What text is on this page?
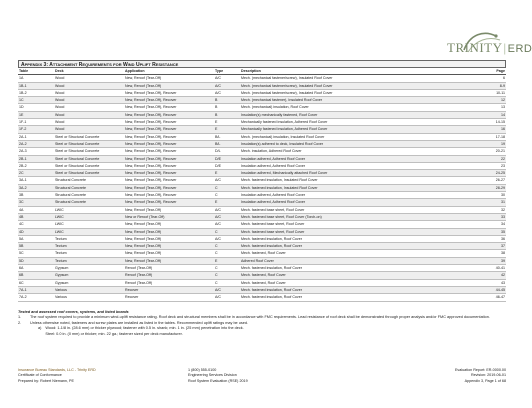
TRINITY|ERD
Appendix 3: Attachment Requirements for Wind Uplift Resistance
Table	Deck	Application	Type	Description	Page
1A	Wood	New, Reroof (Tear-Off)	A/C	Mech. (mechanical fastener/screw), Insulated Roof Cover	6
1B-1	Wood	New, Reroof (Tear-Off)	A/C	Mech. (mechanical fastener/screw), Insulated Roof Cover	8-9
1B-2	Wood	New, Reroof (Tear-Off), Recover	A/C	Mech. (mechanical fastener/screw), Insulated Roof Cover	10-11
1C	Wood	New, Reroof (Tear-Off), Recover	B	Mech. (mechanical fastener), Insulated Roof Cover	12
1D	Wood	New, Reroof (Tear-Off), Recover	B	Mech. (mechanical) insulation, Roof Cover	13
1E	Wood	New, Reroof (Tear-Off), Recover	B	Insulation(s) mechanically fastened, Roof Cover	14
1F-1	Wood	New, Reroof (Tear-Off), Recover	E	Mechanically fastened insulation, Adhered Roof Cover	14-15
1F-2	Wood	New, Reroof (Tear-Off), Recover	E	Mechanically fastened insulation, Adhered Roof Cover	16
2A-1	Steel or Structural Concrete	New, Reroof (Tear-Off), Recover	B/L	Mech. (mechanical) insulation, Insulated Roof Cover	17-18
2A-2	Steel or Structural Concrete	New, Reroof (Tear-Off), Recover	B/L	Insulation(s) adhered to deck, Insulated Roof Cover	19
2A-3	Steel or Structural Concrete	New, Reroof (Tear-Off), Recover	D/L	Mech. insulation, Adhered Roof Cover	20-21
2B-1	Steel or Structural Concrete	New, Reroof (Tear-Off), Recover	D/E	Insulation adhered, Adhered Roof Cover	22
2B-2	Steel or Structural Concrete	New, Reroof (Tear-Off), Recover	D/E	Insulation adhered, Adhered Roof Cover	23
2C	Steel or Structural Concrete	New, Reroof (Tear-Off), Recover	E	Insulation adhered, Mechanically attached Roof Cover	24-25
3A-1	Structural Concrete	New, Reroof (Tear-Off), Recover	A/C	Mech. fastened insulation, Insulated Roof Cover	26-27
3A-2	Structural Concrete	New, Reroof (Tear-Off), Recover	C	Mech. fastened insulation, Insulated Roof Cover	28-29
3B	Structural Concrete	New, Reroof (Tear-Off), Recover	C	Insulation adhered, Adhered Roof Cover	30
3C	Structural Concrete	New, Reroof (Tear-Off), Recover	E	Insulation adhered, Adhered Roof Cover	31
4A	LWIC	New, Reroof (Tear-Off)	A/C	Mech. fastened base sheet, Roof Cover	32
4B	LWIC	New or Reroof (Tear-Off)	A/C	Mech. fastened base sheet, Roof Cover (Torch-on)	33
4C	LWIC	New, Reroof (Tear-Off)	A/C	Mech. fastened base sheet, Roof Cover	34
4D	LWIC	New, Reroof (Tear-Off)	C	Mech. fastened base sheet, Roof Cover	35
5A	Tectum	New, Reroof (Tear-Off)	A/C	Mech. fastened insulation, Roof Cover	36
5B	Tectum	New, Reroof (Tear-Off)	C	Mech. fastened insulation, Roof Cover	37
5C	Tectum	New, Reroof (Tear-Off)	C	Mech. fastened, Roof Cover	38
5D	Tectum	New, Reroof (Tear-Off)	E	Adhered Roof Cover	39
6A	Gypsum	Reroof (Tear-Off)	C	Mech. fastened insulation, Roof Cover	40-41
6B	Gypsum	Reroof (Tear-Off)	C	Mech. fastened, Roof Cover	42
6C	Gypsum	Reroof (Tear-Off)	C	Mech. fastened, Roof Cover	43
7A-1	Various	Recover	A/C	Mech. fastened insulation, Roof Cover	44-45
7A-2	Various	Recover	A/C	Mech. fastened insulation, Roof Cover	46-47

Tested and assessed roof covers, systems, and listed boards

1. The roof system required to provide a minimum wind-uplift resistance rating. Roof deck and structural members shall be in accordance with FMC requirements. Lead resistance of roof deck shall be demonstrated through proper analysis and/or FMC approved documentation.
2. Unless otherwise noted, fasteners and screw plates are installed as listed in the tables. Recommended uplift ratings may be used.
a) Wood: 1-1/8 in. (28.6 mm) or thicker plywood; fastener with 0.5 in. shank; min. 1 in. (25 mm) penetration into the deck.

Steel: 0.0 in. (0 mm) or thicker; min. 22 ga.; fastener sized per deck manufacturer.

Insurance Bureau Standards, LLC - Trinity ERD	1 (800) 555-0100	Evaluation Report: ER-0000.00
Certificate of Conformance	Engineering Services Division	Revision: 2019-06-01
Prepared by: Robert Niemann, PE	Roof System Evaluation (RSE) 2019	Appendix 3, Page 1 of 68
